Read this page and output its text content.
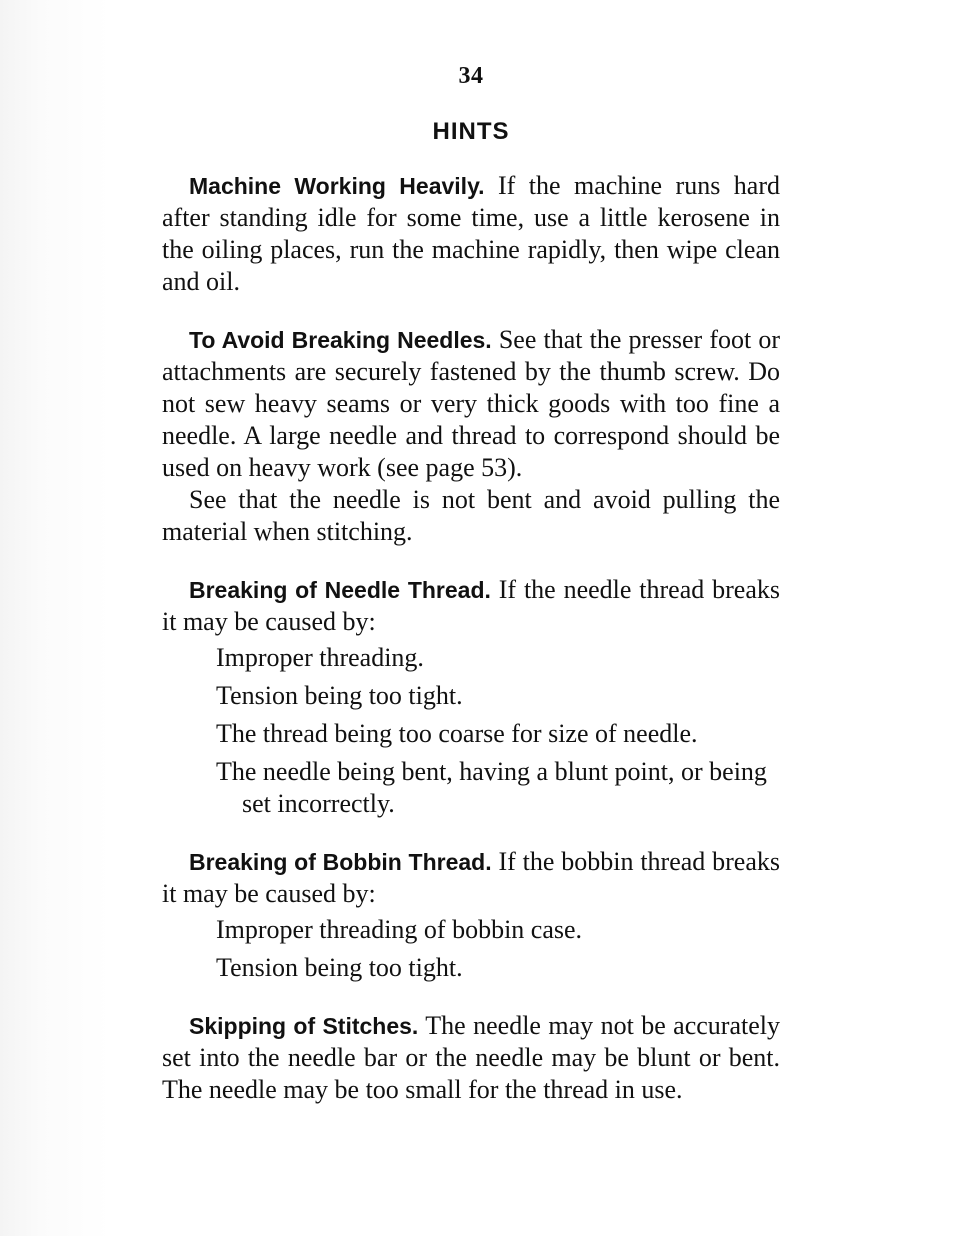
34
HINTS

Machine Working Heavily. If the machine runs hard after standing idle for some time, use a little kerosene in the oiling places, run the machine rapidly, then wipe clean and oil.

To Avoid Breaking Needles. See that the presser foot or attachments are securely fastened by the thumb screw. Do not sew heavy seams or very thick goods with too fine a needle. A large needle and thread to correspond should be used on heavy work (see page 53).

See that the needle is not bent and avoid pulling the material when stitching.

Breaking of Needle Thread. If the needle thread breaks it may be caused by:

Improper threading.
Tension being too tight.
The thread being too coarse for size of needle.
The needle being bent, having a blunt point, or being set incorrectly.

Breaking of Bobbin Thread. If the bobbin thread breaks it may be caused by:

Improper threading of bobbin case.
Tension being too tight.

Skipping of Stitches. The needle may not be accurately set into the needle bar or the needle may be blunt or bent. The needle may be too small for the thread in use.
